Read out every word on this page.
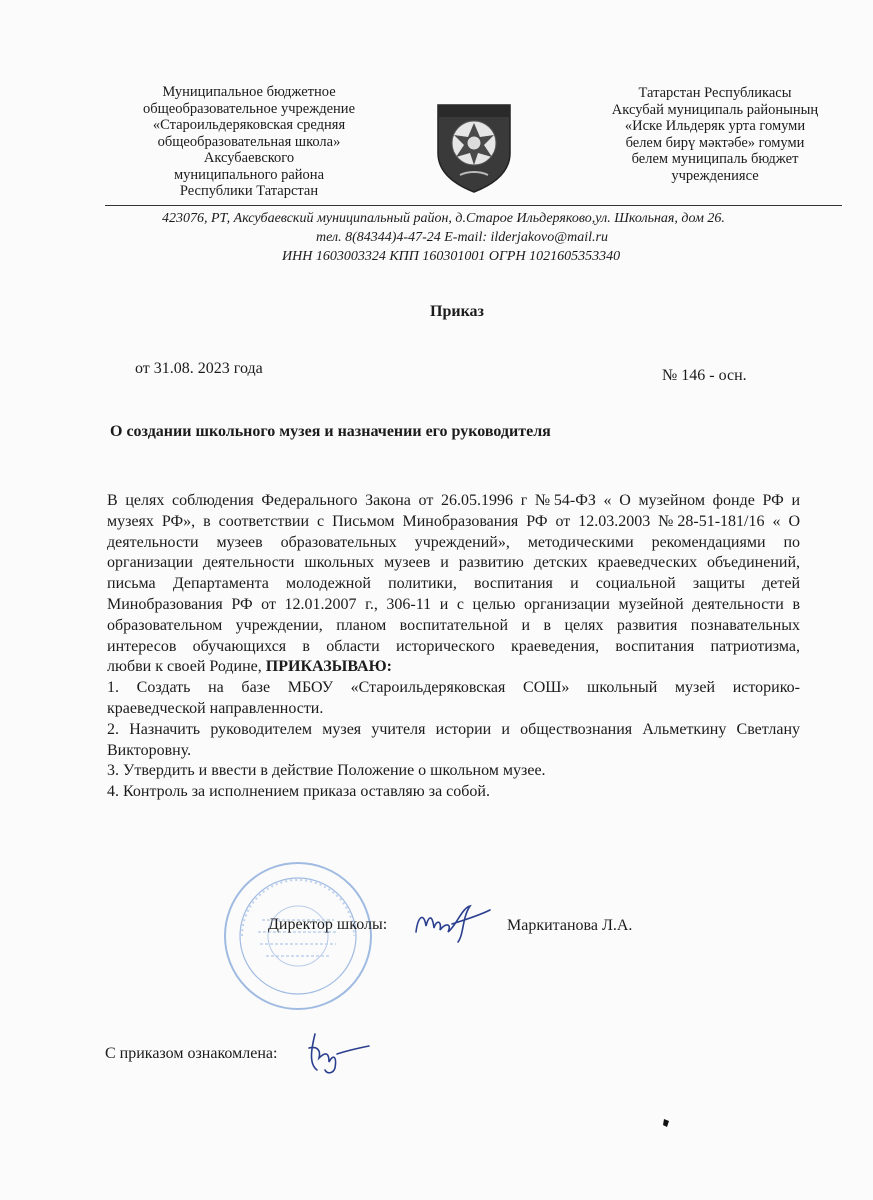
Муниципальное бюджетное
общеобразовательное учреждение
«Староильдеряковская средняя
общеобразовательная школа»
Аксубаевского
муниципального района
Республики Татарстан
Татарстан Республикасы
Аксубай муниципаль районының
«Иске Ильдеряк урта гомуми
белем бирү мәктәбе» гомуми
белем муниципаль бюджет
учреждениясе
423076, РТ, Аксубаевский муниципальный район, д.Старое Ильдеряково,ул. Школьная, дом 26.
тел. 8(84344)4-47-24 E-mail: ilderjakovo@mail.ru
ИНН 1603003324 КПП 160301001 ОГРН 1021605353340
Приказ
от 31.08. 2023 года	№ 146 - осн.
О создании школьного музея и назначении его руководителя
В целях соблюдения Федерального Закона от 26.05.1996 г №54-ФЗ « О музейном фонде РФ и
музеях РФ», в соответствии с Письмом Минобразования РФ от 12.03.2003 №28-51-181/16 « О
деятельности музеев образовательных учреждений», методическими рекомендациями по
организации деятельности школьных музеев и развитию детских краеведческих объединений,
письма Департамента молодежной политики, воспитания и социальной защиты детей
Минобразования РФ от 12.01.2007 г., 306-11 и с целью организации музейной деятельности в
образовательном учреждении, планом воспитательной и в целях развития познавательных
интересов обучающихся в области исторического краеведения, воспитания патриотизма,
любви к своей Родине, ПРИКАЗЫВАЮ:
1. Создать на базе МБОУ «Староильдеряковская СОШ» школьный музей историко-
краеведческой направленности.
2. Назначить руководителем музея учителя истории и обществознания Альметкину Светлану
Викторовну.
3. Утвердить и ввести в действие Положение о школьном музее.
4. Контроль за исполнением приказа оставляю за собой.
Директор школы:	Маркитанова Л.А.
С приказом ознакомлена:
